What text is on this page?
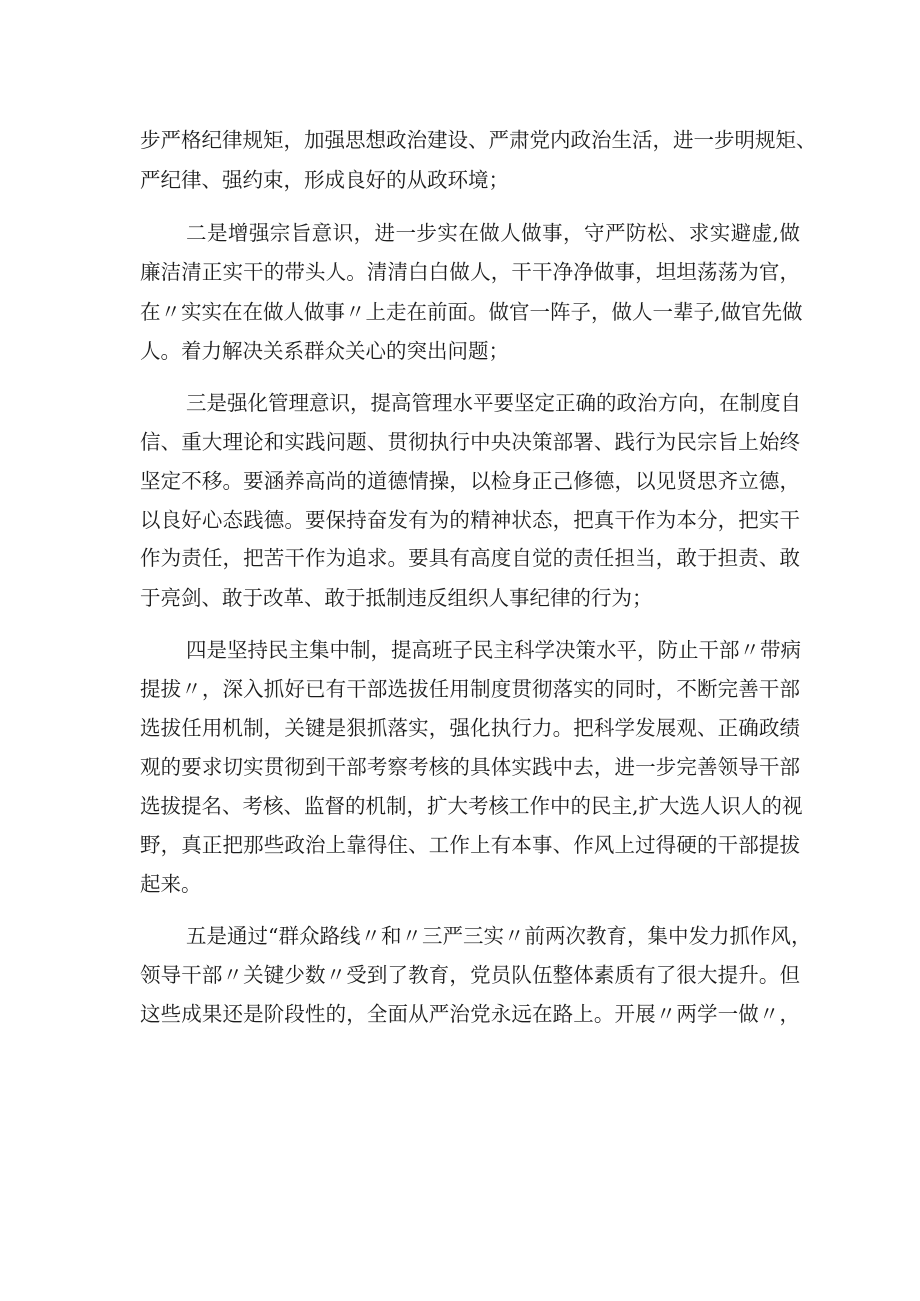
步严格纪律规矩，加强思想政治建设、严肃党内政治生活，进一步明规矩、
严纪律、强约束，形成良好的从政环境；
二是增强宗旨意识，进一步实在做人做事，守严防松、求实避虚,做
廉洁清正实干的带头人。清清白白做人，干干净净做事，坦坦荡荡为官，
在〃实实在在做人做事〃上走在前面。做官一阵子，做人一辈子,做官先做
人。着力解决关系群众关心的突出问题；
三是强化管理意识，提高管理水平要坚定正确的政治方向，在制度自
信、重大理论和实践问题、贯彻执行中央决策部署、践行为民宗旨上始终
坚定不移。要涵养高尚的道德情操，以检身正己修德，以见贤思齐立德，
以良好心态践德。要保持奋发有为的精神状态，把真干作为本分，把实干
作为责任，把苦干作为追求。要具有高度自觉的责任担当，敢于担责、敢
于亮剑、敢于改革、敢于抵制违反组织人事纪律的行为；
四是坚持民主集中制，提高班子民主科学决策水平，防止干部〃带病
提拔〃，深入抓好已有干部选拔任用制度贯彻落实的同时，不断完善干部
选拔任用机制，关键是狠抓落实，强化执行力。把科学发展观、正确政绩
观的要求切实贯彻到干部考察考核的具体实践中去，进一步完善领导干部
选拔提名、考核、监督的机制，扩大考核工作中的民主,扩大选人识人的视
野，真正把那些政治上靠得住、工作上有本事、作风上过得硬的干部提拔
起来。
五是通过“群众路线〃和〃三严三实〃前两次教育，集中发力抓作风，
领导干部〃关键少数〃受到了教育，党员队伍整体素质有了很大提升。但
这些成果还是阶段性的，全面从严治党永远在路上。开展〃两学一做〃，
